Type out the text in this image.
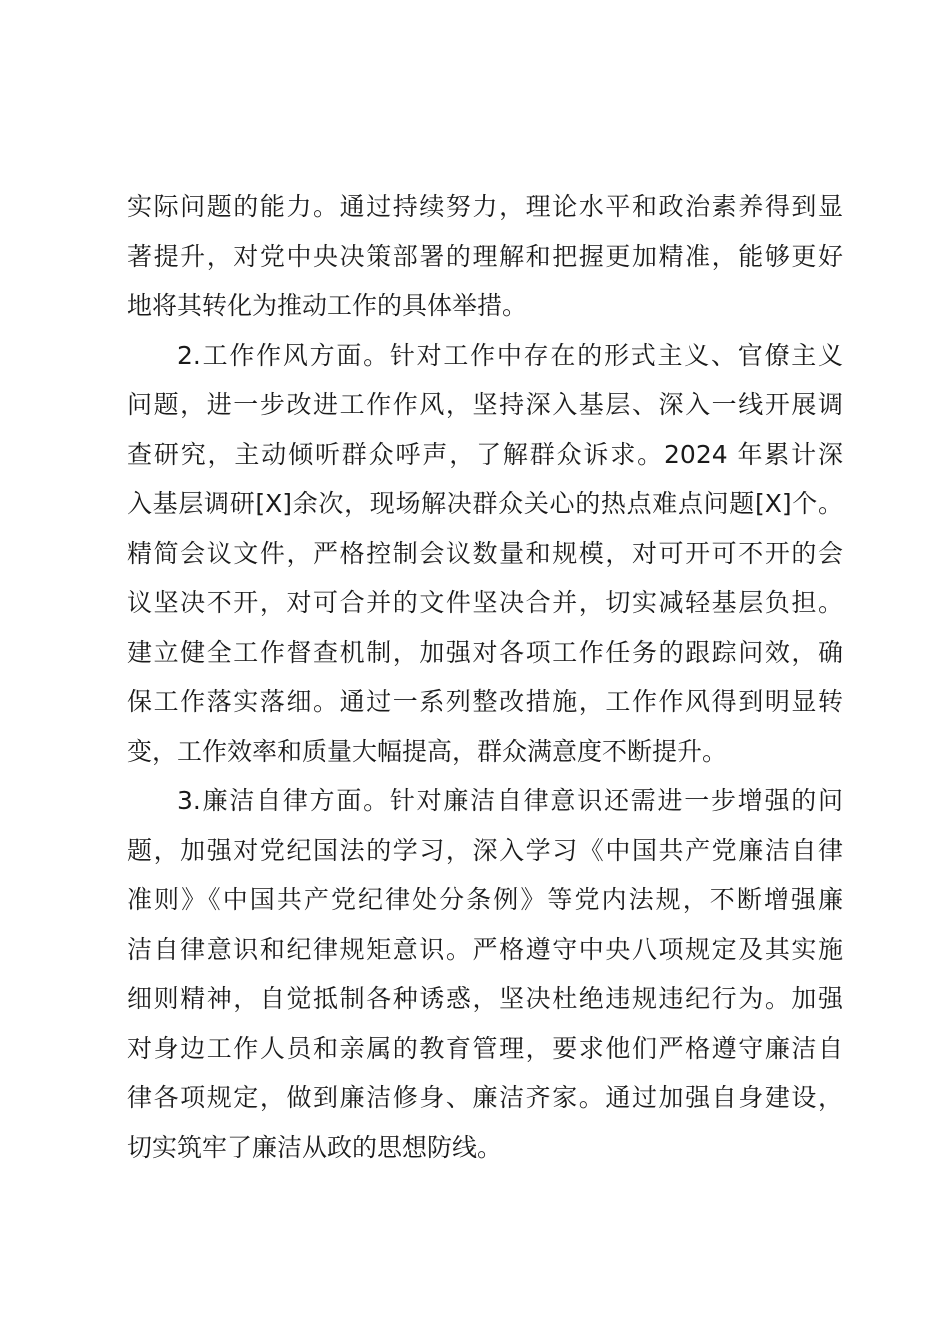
实际问题的能力。通过持续努力，理论水平和政治素养得到显
著提升，对党中央决策部署的理解和把握更加精准，能够更好
地将其转化为推动工作的具体举措。
2.工作作风方面。针对工作中存在的形式主义、官僚主义
问题，进一步改进工作作风，坚持深入基层、深入一线开展调
查研究，主动倾听群众呼声，了解群众诉求。2024 年累计深
入基层调研[X]余次，现场解决群众关心的热点难点问题[X]个。
精简会议文件，严格控制会议数量和规模，对可开可不开的会
议坚决不开，对可合并的文件坚决合并，切实减轻基层负担。
建立健全工作督查机制，加强对各项工作任务的跟踪问效，确
保工作落实落细。通过一系列整改措施，工作作风得到明显转
变，工作效率和质量大幅提高，群众满意度不断提升。
3.廉洁自律方面。针对廉洁自律意识还需进一步增强的问
题，加强对党纪国法的学习，深入学习《中国共产党廉洁自律
准则》《中国共产党纪律处分条例》等党内法规，不断增强廉
洁自律意识和纪律规矩意识。严格遵守中央八项规定及其实施
细则精神，自觉抵制各种诱惑，坚决杜绝违规违纪行为。加强
对身边工作人员和亲属的教育管理，要求他们严格遵守廉洁自
律各项规定，做到廉洁修身、廉洁齐家。通过加强自身建设，
切实筑牢了廉洁从政的思想防线。
